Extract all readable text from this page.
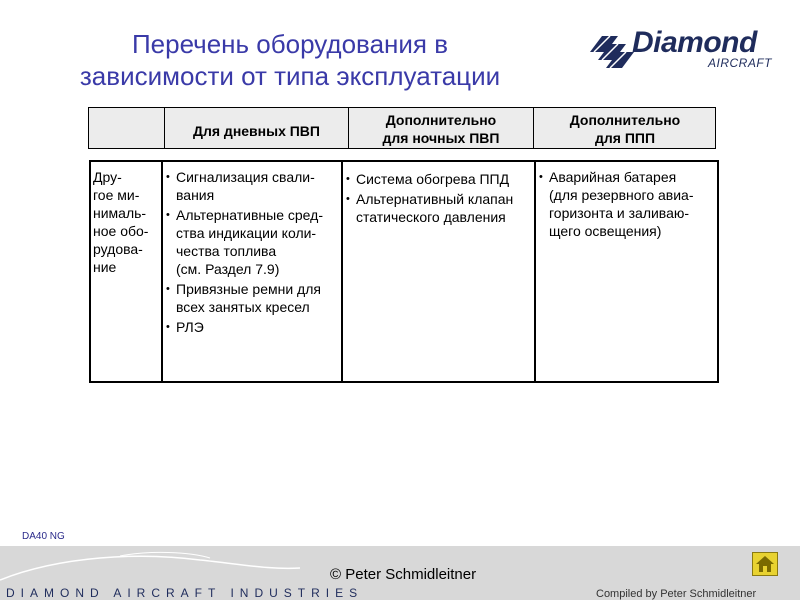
Перечень оборудования в
зависимости от типа эксплуатации
Diamond
AIRCRAFT
Для дневных ПВП
Дополнительно
для ночных ПВП
Дополнительно
для ППП
Дру-
гое ми-
нималь-
ное обо-
рудова-
ние
• Сигнализация свали-
вания
• Альтернативные сред-
ства индикации коли-
чества топлива
(см. Раздел 7.9)
• Привязные ремни для
всех занятых кресел
• РЛЭ
• Система обогрева ППД
• Альтернативный клапан
статического давления
• Аварийная батарея
(для резервного авиа-
горизонта и заливаю-
щего освещения)
DA40 NG
© Peter Schmidleitner
DIAMOND AIRCRAFT INDUSTRIES	Compiled by Peter Schmidleitner
